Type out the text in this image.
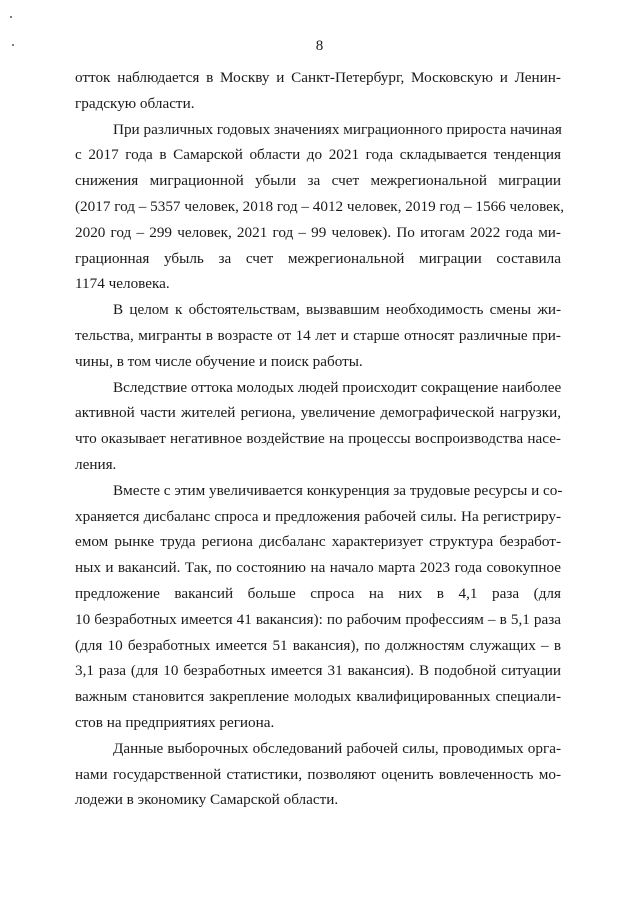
8

отток наблюдается в Москву и Санкт-Петербург, Московскую и Ленин-
градскую области.

При различных годовых значениях миграционного прироста начиная
с 2017 года в Самарской области до 2021 года складывается тенденция
снижения миграционной убыли за счет межрегиональной миграции
(2017 год – 5357 человек, 2018 год – 4012 человек, 2019 год – 1566 человек,
2020 год – 299 человек, 2021 год – 99 человек). По итогам 2022 года ми-
грационная убыль за счет межрегиональной миграции составила
1174 человека.

В целом к обстоятельствам, вызвавшим необходимость смены жи-
тельства, мигранты в возрасте от 14 лет и старше относят различные при-
чины, в том числе обучение и поиск работы.

Вследствие оттока молодых людей происходит сокращение наиболее
активной части жителей региона, увеличение демографической нагрузки,
что оказывает негативное воздействие на процессы воспроизводства насе-
ления.

Вместе с этим увеличивается конкуренция за трудовые ресурсы и со-
храняется дисбаланс спроса и предложения рабочей силы. На регистриру-
емом рынке труда региона дисбаланс характеризует структура безработ-
ных и вакансий. Так, по состоянию на начало марта 2023 года совокупное
предложение вакансий больше спроса на них в 4,1 раза (для
10 безработных имеется 41 вакансия): по рабочим профессиям – в 5,1 раза
(для 10 безработных имеется 51 вакансия), по должностям служащих – в
3,1 раза (для 10 безработных имеется 31 вакансия). В подобной ситуации
важным становится закрепление молодых квалифицированных специали-
стов на предприятиях региона.

Данные выборочных обследований рабочей силы, проводимых орга-
нами государственной статистики, позволяют оценить вовлеченность мо-
лодежи в экономику Самарской области.
